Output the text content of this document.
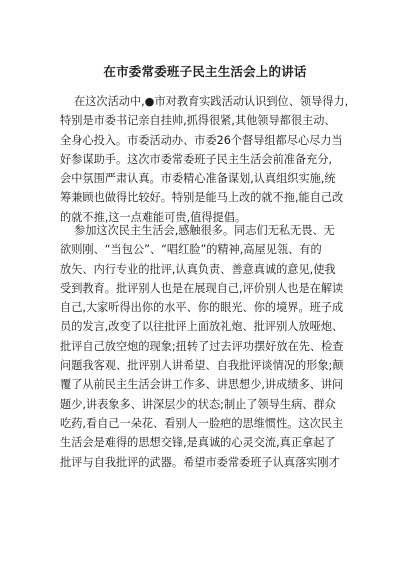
在市委常委班子民主生活会上的讲话
在这次活动中,●市对教育实践活动认识到位、领导得力,
特别是市委书记亲自挂帅,抓得很紧,其他领导都很主动、
全身心投入。市委活动办、市委26个督导组都尽心尽力当
好参谋助手。这次市委常委班子民主生活会前准备充分,
会中氛围严肃认真。市委精心准备谋划,认真组织实施,统
筹兼顾也做得比较好。特别是能马上改的就不拖,能自己改
的就不推,这一点难能可贵,值得提倡。
参加这次民主生活会,感触很多。同志们无私无畏、无
欲则刚、“当包公”、“唱红脸”的精神,高屋见瓴、有的
放矢、内行专业的批评,认真负责、善意真诚的意见,使我
受到教育。批评别人也是在展现自己,评价别人也是在解读
自己,大家听得出你的水平、你的眼光、你的境界。班子成
员的发言,改变了以往批评上面放礼炮、批评别人放哑炮、
批评自己放空炮的现象;扭转了过去评功摆好放在先、检查
问题我客观、批评别人讲希望、自我批评谈情况的形象;颠
覆了从前民主生活会讲工作多、讲思想少,讲成绩多、讲问
题少,讲表象多、讲深层少的状态;制止了领导生病、群众
吃药,看自己一朵花、看别人一脸疤的思维惯性。这次民主
生活会是难得的思想交锋,是真诚的心灵交流,真正拿起了
批评与自我批评的武器。希望市委常委班子认真落实刚才
